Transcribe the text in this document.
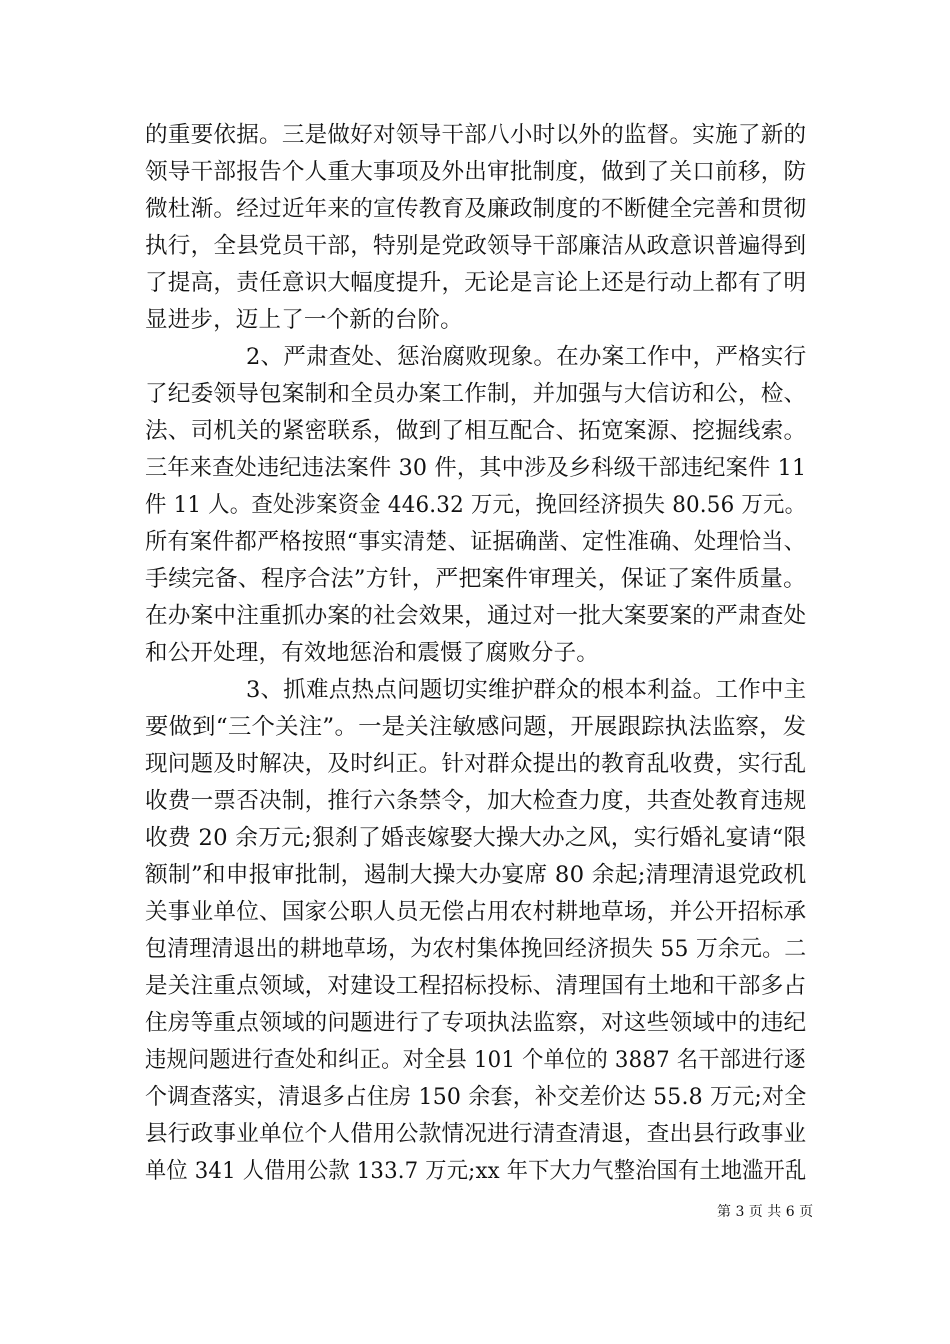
的重要依据。三是做好对领导干部八小时以外的监督。实施了新的
领导干部报告个人重大事项及外出审批制度，做到了关口前移，防
微杜渐。经过近年来的宣传教育及廉政制度的不断健全完善和贯彻
执行，全县党员干部，特别是党政领导干部廉洁从政意识普遍得到
了提高，责任意识大幅度提升，无论是言论上还是行动上都有了明
显进步，迈上了一个新的台阶。
2、严肃查处、惩治腐败现象。在办案工作中，严格实行
了纪委领导包案制和全员办案工作制，并加强与大信访和公，检、
法、司机关的紧密联系，做到了相互配合、拓宽案源、挖掘线索。
三年来查处违纪违法案件 30 件，其中涉及乡科级干部违纪案件 11
件 11 人。查处涉案资金 446.32 万元，挽回经济损失 80.56 万元。
所有案件都严格按照“事实清楚、证据确凿、定性准确、处理恰当、
手续完备、程序合法”方针，严把案件审理关，保证了案件质量。
在办案中注重抓办案的社会效果，通过对一批大案要案的严肃查处
和公开处理，有效地惩治和震慑了腐败分子。
3、抓难点热点问题切实维护群众的根本利益。工作中主
要做到“三个关注”。一是关注敏感问题，开展跟踪执法监察，发
现问题及时解决，及时纠正。针对群众提出的教育乱收费，实行乱
收费一票否决制，推行六条禁令，加大检查力度，共查处教育违规
收费 20 余万元;狠刹了婚丧嫁娶大操大办之风，实行婚礼宴请“限
额制”和申报审批制，遏制大操大办宴席 80 余起;清理清退党政机
关事业单位、国家公职人员无偿占用农村耕地草场，并公开招标承
包清理清退出的耕地草场，为农村集体挽回经济损失 55 万余元。二
是关注重点领域，对建设工程招标投标、清理国有土地和干部多占
住房等重点领域的问题进行了专项执法监察，对这些领域中的违纪
违规问题进行查处和纠正。对全县 101 个单位的 3887 名干部进行逐
个调查落实，清退多占住房 150 余套，补交差价达 55.8 万元;对全
县行政事业单位个人借用公款情况进行清查清退，查出县行政事业
单位 341 人借用公款 133.7 万元;xx 年下大力气整治国有土地滥开乱
第 3 页 共 6 页
